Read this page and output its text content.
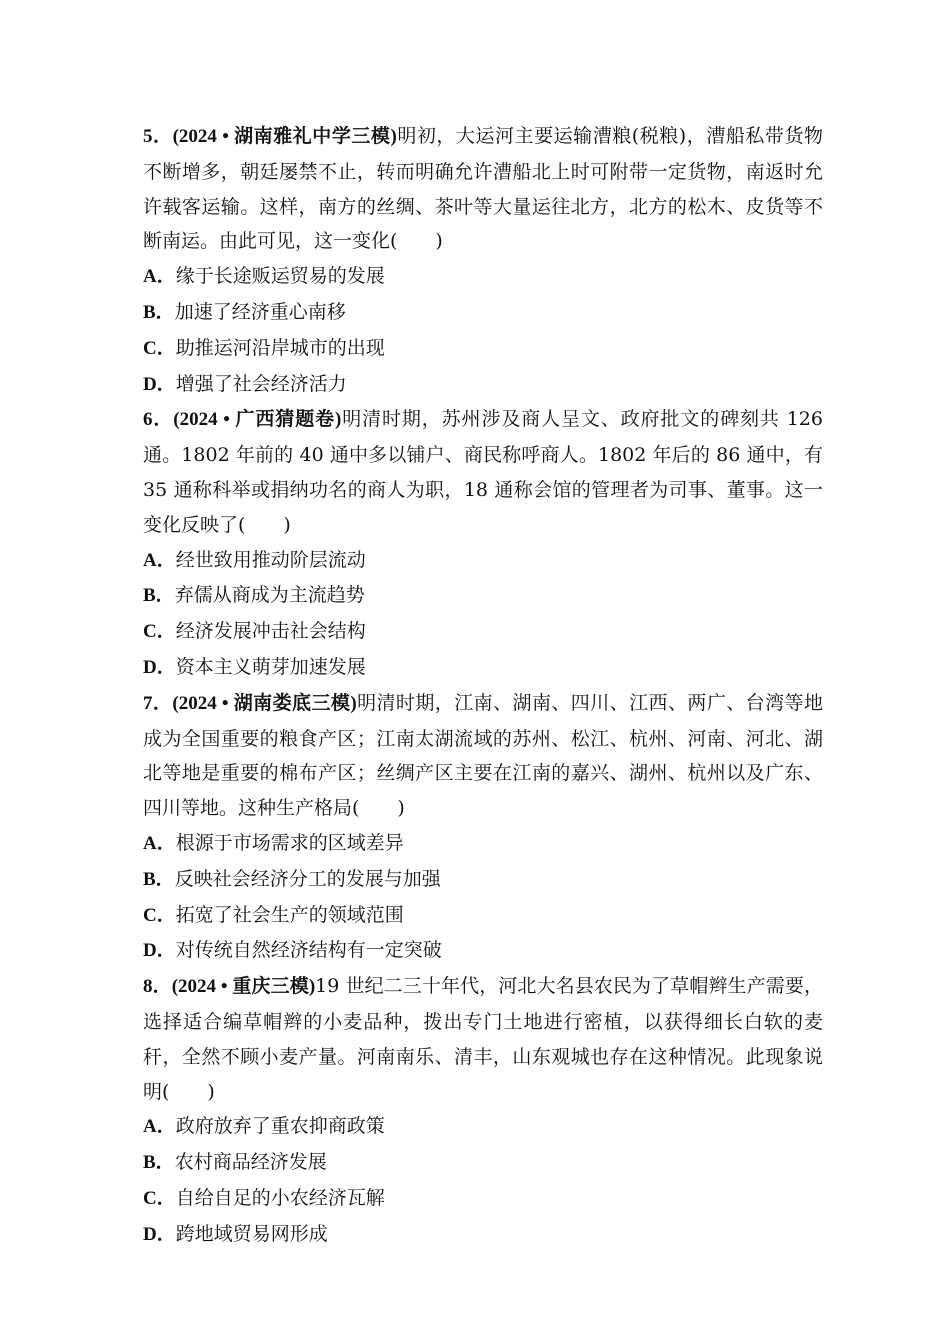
5．(2024 • 湖南雅礼中学三模)明初，大运河主要运输漕粮(税粮)，漕船私带货物不断增多，朝廷屡禁不止，转而明确允许漕船北上时可附带一定货物，南返时允许载客运输。这样，南方的丝绸、茶叶等大量运往北方，北方的松木、皮货等不断南运。由此可见，这一变化(　　)

A．缘于长途贩运贸易的发展

B．加速了经济重心南移

C．助推运河沿岸城市的出现

D．增强了社会经济活力

6．(2024 • 广西猜题卷)明清时期，苏州涉及商人呈文、政府批文的碑刻共 126 通。1802 年前的 40 通中多以铺户、商民称呼商人。1802 年后的 86 通中，有 35 通称科举或捐纳功名的商人为职，18 通称会馆的管理者为司事、董事。这一变化反映了(　　)

A．经世致用推动阶层流动

B．弃儒从商成为主流趋势

C．经济发展冲击社会结构

D．资本主义萌芽加速发展

7．(2024 • 湖南娄底三模)明清时期，江南、湖南、四川、江西、两广、台湾等地成为全国重要的粮食产区；江南太湖流域的苏州、松江、杭州、河南、河北、湖北等地是重要的棉布产区；丝绸产区主要在江南的嘉兴、湖州、杭州以及广东、四川等地。这种生产格局(　　)

A．根源于市场需求的区域差异

B．反映社会经济分工的发展与加强

C．拓宽了社会生产的领域范围

D．对传统自然经济结构有一定突破

8．(2024 • 重庆三模)19 世纪二三十年代，河北大名县农民为了草帽辫生产需要，选择适合编草帽辫的小麦品种，拨出专门土地进行密植，以获得细长白软的麦秆，全然不顾小麦产量。河南南乐、清丰，山东观城也存在这种情况。此现象说明(　　)

A．政府放弃了重农抑商政策

B．农村商品经济发展

C．自给自足的小农经济瓦解

D．跨地域贸易网形成
